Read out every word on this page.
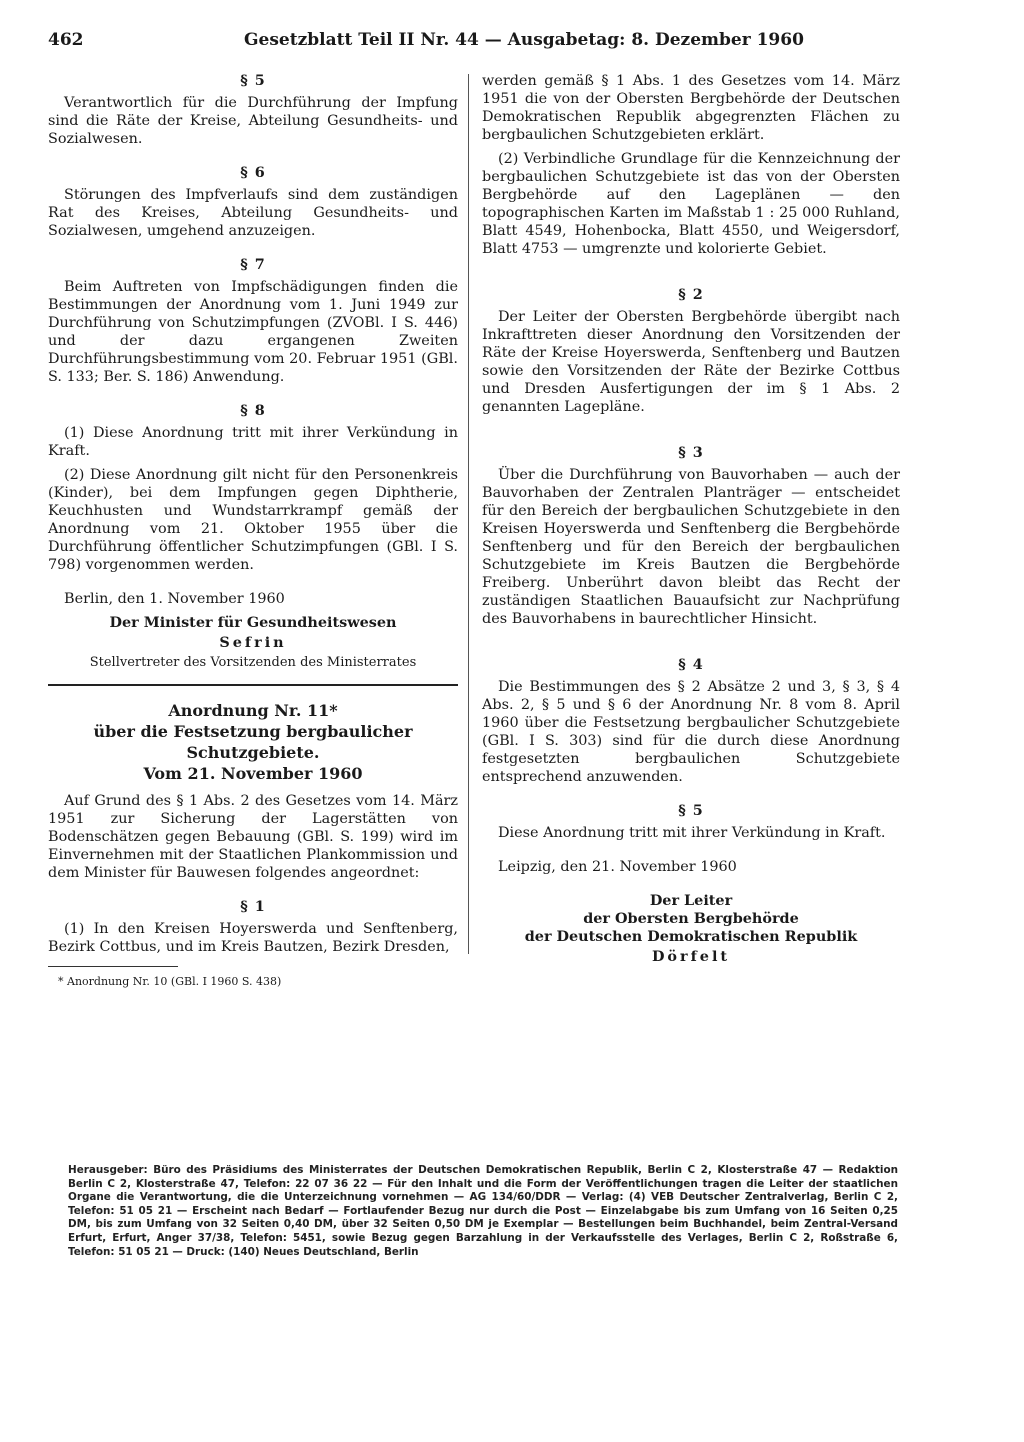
462	Gesetzblatt Teil II Nr. 44 — Ausgabetag: 8. Dezember 1960
§ 5

Verantwortlich für die Durchführung der Impfung sind die Räte der Kreise, Abteilung Gesundheits- und Sozialwesen.

§ 6

Störungen des Impfverlaufs sind dem zuständigen Rat des Kreises, Abteilung Gesundheits- und Sozialwesen, umgehend anzuzeigen.

§ 7

Beim Auftreten von Impfschädigungen finden die Bestimmungen der Anordnung vom 1. Juni 1949 zur Durchführung von Schutzimpfungen (ZVOBl. I S. 446) und der dazu ergangenen Zweiten Durchführungsbestimmung vom 20. Februar 1951 (GBl. S. 133; Ber. S. 186) Anwendung.

§ 8

(1) Diese Anordnung tritt mit ihrer Verkündung in Kraft.

(2) Diese Anordnung gilt nicht für den Personenkreis (Kinder), bei dem Impfungen gegen Diphtherie, Keuchhusten und Wundstarrkrampf gemäß der Anordnung vom 21. Oktober 1955 über die Durchführung öffentlicher Schutzimpfungen (GBl. I S. 798) vorgenommen werden.

Berlin, den 1. November 1960

Der Minister für Gesundheitswesen

Sefrin

Stellvertreter des Vorsitzenden des Ministerrates

Anordnung Nr. 11*
über die Festsetzung bergbaulicher Schutzgebiete.
Vom 21. November 1960

Auf Grund des § 1 Abs. 2 des Gesetzes vom 14. März 1951 zur Sicherung der Lagerstätten von Bodenschätzen gegen Bebauung (GBl. S. 199) wird im Einvernehmen mit der Staatlichen Plankommission und dem Minister für Bauwesen folgendes angeordnet:

§ 1

(1) In den Kreisen Hoyerswerda und Senftenberg, Bezirk Cottbus, und im Kreis Bautzen, Bezirk Dresden,

* Anordnung Nr. 10 (GBl. I 1960 S. 438)

werden gemäß § 1 Abs. 1 des Gesetzes vom 14. März 1951 die von der Obersten Bergbehörde der Deutschen Demokratischen Republik abgegrenzten Flächen zu bergbaulichen Schutzgebieten erklärt.

(2) Verbindliche Grundlage für die Kennzeichnung der bergbaulichen Schutzgebiete ist das von der Obersten Bergbehörde auf den Lageplänen — den topographischen Karten im Maßstab 1 : 25 000 Ruhland, Blatt 4549, Hohenbocka, Blatt 4550, und Weigersdorf, Blatt 4753 — umgrenzte und kolorierte Gebiet.

§ 2

Der Leiter der Obersten Bergbehörde übergibt nach Inkrafttreten dieser Anordnung den Vorsitzenden der Räte der Kreise Hoyerswerda, Senftenberg und Bautzen sowie den Vorsitzenden der Räte der Bezirke Cottbus und Dresden Ausfertigungen der im § 1 Abs. 2 genannten Lagepläne.

§ 3

Über die Durchführung von Bauvorhaben — auch der Bauvorhaben der Zentralen Planträger — entscheidet für den Bereich der bergbaulichen Schutzgebiete in den Kreisen Hoyerswerda und Senftenberg die Bergbehörde Senftenberg und für den Bereich der bergbaulichen Schutzgebiete im Kreis Bautzen die Bergbehörde Freiberg. Unberührt davon bleibt das Recht der zuständigen Staatlichen Bauaufsicht zur Nachprüfung des Bauvorhabens in baurechtlicher Hinsicht.

§ 4

Die Bestimmungen des § 2 Absätze 2 und 3, § 3, § 4 Abs. 2, § 5 und § 6 der Anordnung Nr. 8 vom 8. April 1960 über die Festsetzung bergbaulicher Schutzgebiete (GBl. I S. 303) sind für die durch diese Anordnung festgesetzten bergbaulichen Schutzgebiete entsprechend anzuwenden.

§ 5

Diese Anordnung tritt mit ihrer Verkündung in Kraft.

Leipzig, den 21. November 1960

Der Leiter

der Obersten Bergbehörde

der Deutschen Demokratischen Republik

Dörfelt

Herausgeber: Büro des Präsidiums des Ministerrates der Deutschen Demokratischen Republik, Berlin C 2, Klosterstraße 47 — Redaktion Berlin C 2, Klosterstraße 47, Telefon: 22 07 36 22 — Für den Inhalt und die Form der Veröffentlichungen tragen die Leiter der staatlichen Organe die Verantwortung, die die Unterzeichnung vornehmen — AG 134/60/DDR — Verlag: (4) VEB Deutscher Zentralverlag, Berlin C 2, Telefon: 51 05 21 — Erscheint nach Bedarf — Fortlaufender Bezug nur durch die Post — Einzelabgabe bis zum Umfang von 16 Seiten 0,25 DM, bis zum Umfang von 32 Seiten 0,40 DM, über 32 Seiten 0,50 DM je Exemplar — Bestellungen beim Buchhandel, beim Zentral-Versand Erfurt, Erfurt, Anger 37/38, Telefon: 5451, sowie Bezug gegen Barzahlung in der Verkaufsstelle des Verlages, Berlin C 2, Roßstraße 6, Telefon: 51 05 21 — Druck: (140) Neues Deutschland, Berlin
